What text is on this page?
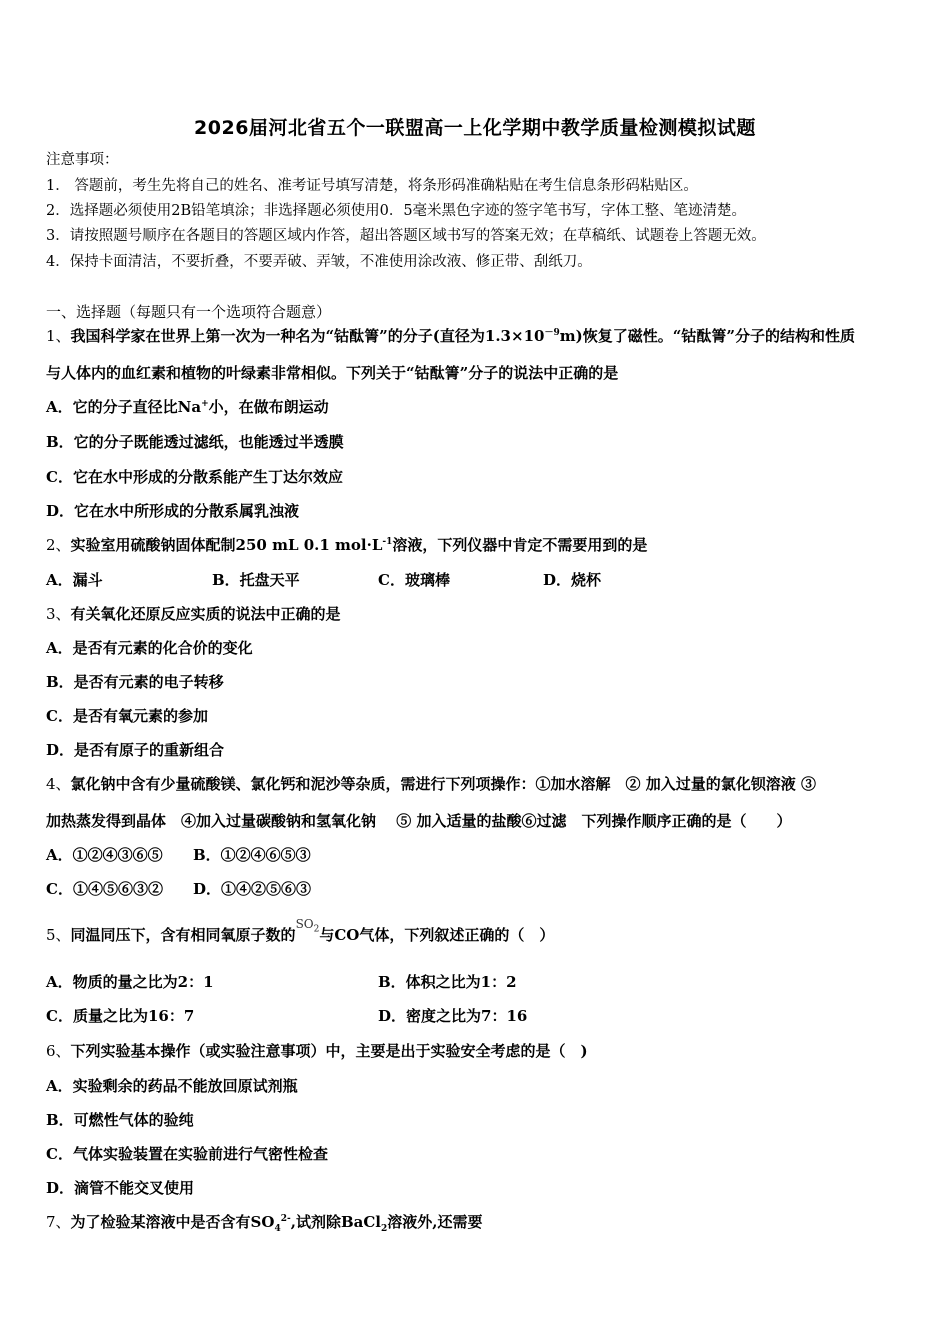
2026届河北省五个一联盟高一上化学期中教学质量检测模拟试题
注意事项：
1． 答题前，考生先将自己的姓名、准考证号填写清楚，将条形码准确粘贴在考生信息条形码粘贴区。
2．选择题必须使用2B铅笔填涂；非选择题必须使用0．5毫米黑色字迹的签字笔书写，字体工整、笔迹清楚。
3．请按照题号顺序在各题目的答题区域内作答，超出答题区域书写的答案无效；在草稿纸、试题卷上答题无效。
4．保持卡面清洁，不要折叠，不要弄破、弄皱，不准使用涂改液、修正带、刮纸刀。
一、选择题（每题只有一个选项符合题意）
1、我国科学家在世界上第一次为一种名为“钴酞箐”的分子(直径为$1.3\times 10^{-9}m$)恢复了磁性。“钴酞箐”分子的结构和性质
与人体内的血红素和植物的叶绿素非常相似。下列关于“钴酞箐”分子的说法中正确的是
A．它的分子直径比Na+小，在做布朗运动
B．它的分子既能透过滤纸，也能透过半透膜
C．它在水中形成的分散系能产生丁达尔效应
D．它在水中所形成的分散系属乳浊液
2、实验室用硫酸钠固体配制250 mL 0.1 $mol\cdot L^{-1}$溶液，下列仪器中肯定不需要用到的是
A．漏斗	B．托盘天平	C．玻璃棒	D．烧杯
3、有关氧化还原反应实质的说法中正确的是
A．是否有元素的化合价的变化
B．是否有元素的电子转移
C．是否有氧元素的参加
D．是否有原子的重新组合
4、氯化钠中含有少量硫酸镁、氯化钙和泥沙等杂质，需进行下列项操作：①加水溶解　② 加入过量的氯化钡溶液 ③
加热蒸发得到晶体　④加入过量碳酸钠和氢氧化钠　 ⑤ 加入适量的盐酸⑥过滤　下列操作顺序正确的是（　　）
A．①②④③⑥⑤ B．①②④⑥⑤③
C．①④⑤⑥③② D．①④②⑤⑥③
5、同温同压下，含有相同氧原子数的$^{SO_2}$与CO气体，下列叙述正确的（　）
A．物质的量之比为2：1	B．体积之比为1：2
C．质量之比为16：7	D．密度之比为7：16
6、下列实验基本操作（或实验注意事项）中，主要是出于实验安全考虑的是（　)
A．实验剩余的药品不能放回原试剂瓶
B．可燃性气体的验纯
C．气体实验装置在实验前进行气密性检查
D．滴管不能交叉使用
7、为了检验某溶液中是否含有$SO_4^{2-}$,试剂除BaCl$_2$溶液外,还需要
